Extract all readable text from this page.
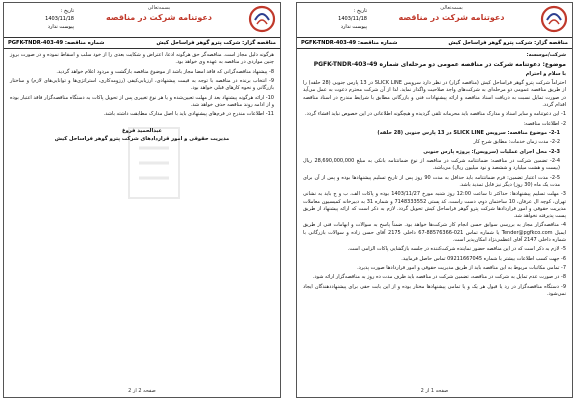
بسمه‌تعالی
دعوتنامه شرکت در مناقصه
تاریخ :
1403/11/18
پیوست ندارد
مناقصه گزار: شرکت پترو گوهر فراساحل کیش
شماره مناقصه: PGFK-TNDR-403-49

هرگونه دلیل مجاز است. مناقصه‌گر حق هرگونه ادعا، اعتراض و شکایت بعدی را از خود سلب و اسقاط نموده و در صورت بروز چنین مواردی در مناقصه به عهده وی خواهد بود.

8- پیشنهاد مناقصه‌گرانی که فاقد امضا مجاز باشد از موضوع مناقصه بازگشت و مردود اعلام خواهد گردید.

9- انتخاب برنده در مناقصه با توجه به قیمت پیشنهادی، ارزیابی‌کیفی (رزومه‌کاری، استراتژی‌ها و توانایی‌های لازم) و ساختار بازرگانی و نحوه کارهای قبلی خواهد بود.

10- ارائه هرگونه پیشنهاد بعد از مهلت تعیین‌شده و یا هر نوع تغییری پس از تحویل پاکات به دستگاه مناقصه‌گزار فاقد اعتبار بوده و از ادامه روند مناقصه حذف خواهد شد.

11- اطلاعات مندرج در فرم‌های پیشنهادی باید با اصل مدارک مطابقت داشته باشد.

عبدالحمید فروغ
مدیریت حقوقی و امور قراردادهای شرکت پترو گوهر فراساحل کیش
صفحه 2 از 2
بسمه‌تعالی
دعوتنامه شرکت در مناقصه
تاریخ :
1403/11/18
پیوست ندارد
مناقصه گزار: شرکت پترو گوهر فراساحل کیش
شماره مناقصه: PGFK-TNDR-403-49

شرکت/موسسه:

موضوع: دعوتنامه شرکت در مناقصه عمومی دو مرحله‌ای شماره PGFK-TNDR-403-49

با سلام و احترام

احتراماً شرکت پترو گوهر فراساحل کیش (مناقصه گزار) در نظر دارد سرویس SLICK LINE در 13 پارس جنوبی (28 حلقه) را از طریق مناقصه عمومی دو مرحله‌ای به شرکت‌های واجد صلاحیت واگذار نماید. لذا از آن شرکت محترم دعوت به عمل می‌آید در صورت تمایل نسبت به دریافت اسناد مناقصه و ارائه پیشنهادات فنی و بازرگانی مطابق با شرایط مندرج در اسناد مناقصه اقدام گردد.

1- این دعوتنامه و سایر اسناد و مدارک مناقصه باید محرمانه تلقی گردیده و هیچگونه اطلاعاتی در این خصوص نباید افشاء گردد.

2- اطلاعات مناقصه:

2-1- موضوع مناقصه: سرویس SLICK LINE در 13 پارس جنوبی (28 حلقه)

2-2- مدت زمان خدمات: مطابق شرح کار

2-3- محل اجرای عملیات (سرویس): پروژه پارس جنوبی

2-4- تضمین شرکت در مناقصه: ضمانتنامه شرکت در مناقصه از نوع ضمانتنامه بانکی به مبلغ 28,690,000,000 ریال (بیست و هشت میلیارد و ششصد و نود میلیون ریال) می‌باشد.

2-5- مدت اعتبار تضمین: فرم ضمانتنامه باید حداقل به مدت 90 روز پس از تاریخ تسلیم پیشنهادها بوده و پس از آن برای مدت یک ماه (30 روز) دیگر نیز قابل تمدید باشد.

3- مهلت تسلیم پیشنهادها: حداکثر تا ساعت 12:00 روز شنبه مورخ 1403/11/27 بوده و پاکات الف، ب و ج باید به نشانی تهران، کوچه ال عرفان، 10 ساختمان دوم، دست راست، کد پستی 7148333552 و شماره 31 به دبیرخانه کمیسیون معاملات مدیریت حقوقی و امور قراردادها شرکت پترو گوهر فراساحل کیش تحویل گردد. لازم به ذکر است که ارائه پیشنهاد از طریق پست پذیرفته نخواهد شد.

4- مناقصه‌گزار مجاز به بررسی سوابق حسن انجام کار شرکت‌ها خواهد بود. ضمناً پاسخ به سوالات و ابهامات فنی از طریق ایمیل Tender@pgfkco.com یا شماره تماس 021-88576366-67 داخلی 2175 آقای حسن زاده و سوالات بازرگانی با شماره داخلی 2147 آقای اعظمی‌نژاد امکان‌پذیر است.

5- لازم به ذکر است که در این مناقصه حضور نماینده شرکت‌کننده در جلسه بازگشایی پاکات الزامی است.

6- جهت کسب اطلاعات بیشتر با شماره 09211667045 تماس حاصل فرمایید.

7- تمامی مکاتبات مربوط به این مناقصه باید از طریق مدیریت حقوقی و امور قراردادها صورت پذیرد.

8- در صورت عدم تمایل به شرکت در مناقصه، تضمین شرکت در مناقصه باید ظرف مدت ده روز به مناقصه‌گزار ارائه شود.

9- دستگاه مناقصه‌گزار در رد یا قبول هر یک و یا تمامی پیشنهادها مختار بوده و از این بابت حقی برای پیشنهاددهندگان ایجاد نمی‌شود.

صفحه 1 از 2
